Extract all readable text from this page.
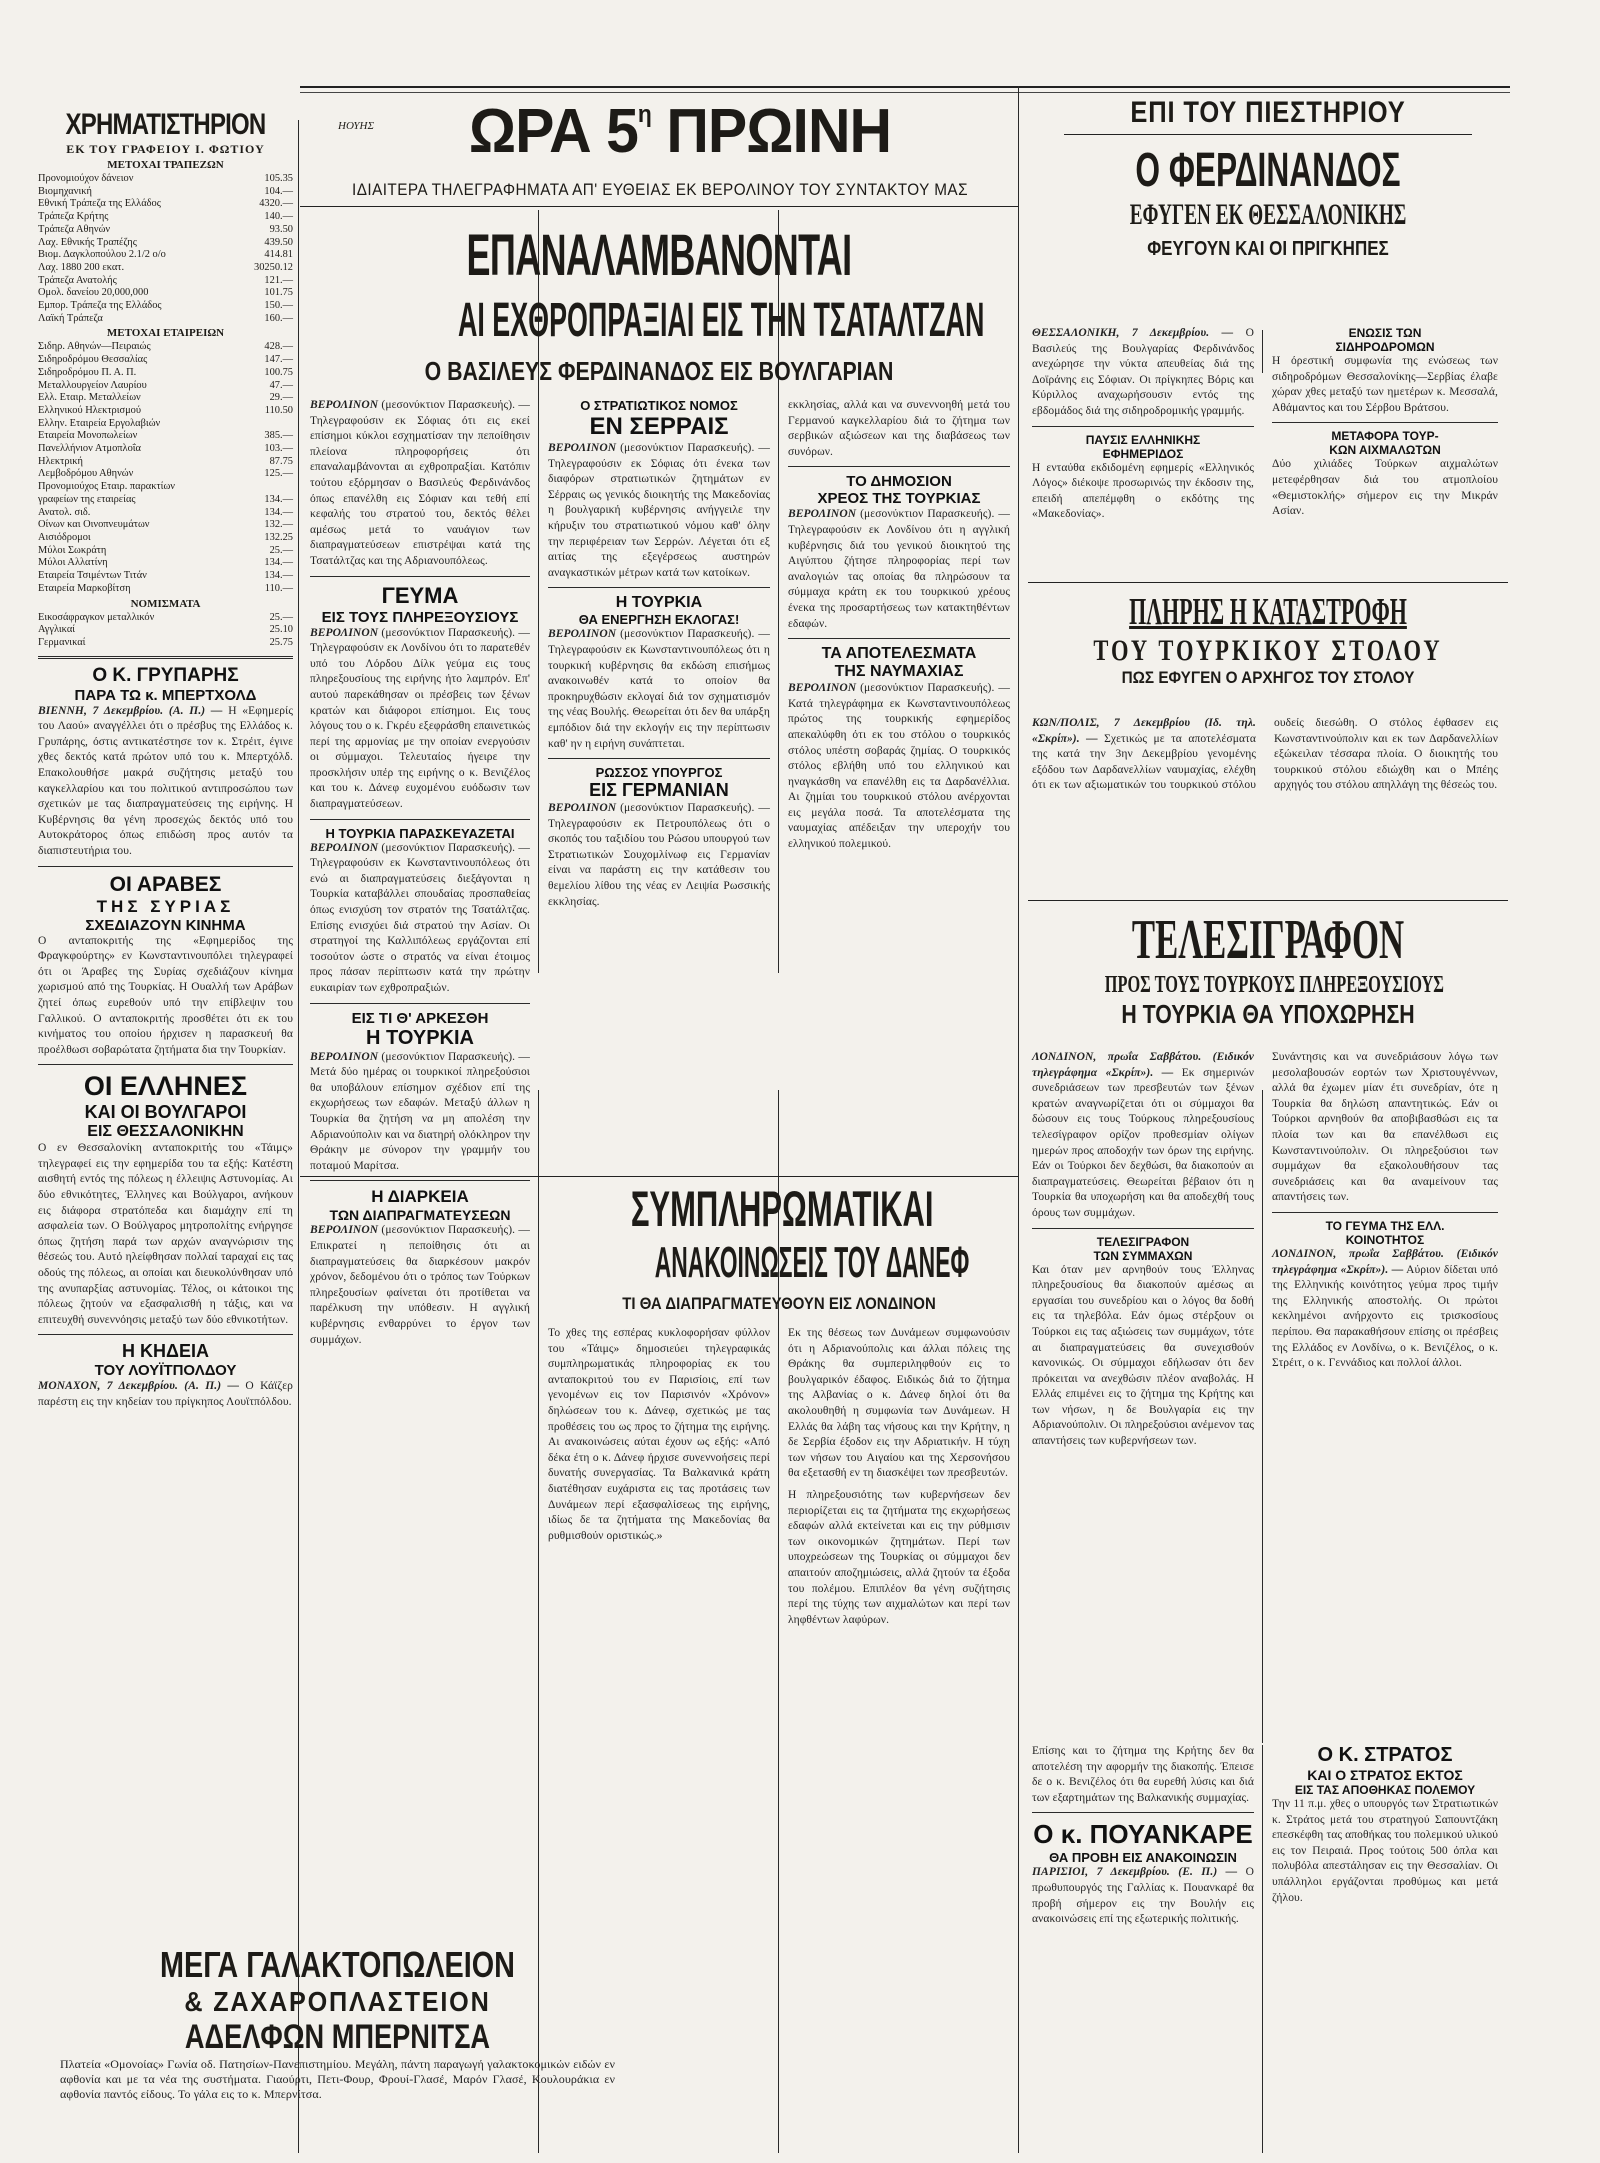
ΧΡΗΜΑΤΙΣΤΗΡΙΟΝ
ΕΚ ΤΟΥ ΓΡΑΦΕΙΟΥ Ι. ΦΩΤΙΟΥ
ΜΕΤΟΧΑΙ ΤΡΑΠΕΖΩΝ
Προνομιούχον δάνειον	105.35
Βιομηχανική	104.—
Εθνική Τράπεζα της Ελλάδος	4320.—
Τράπεζα Κρήτης	140.—
Τράπεζα Αθηνών	93.50
Λαχ. Εθνικής Τραπέζης	439.50
Βιομ. Δαγκλοπούλου 2.1/2 ο/ο	414.81
Λαχ. 1880 200 εκατ.	30250.12
Τράπεζα Ανατολής	121.—
Ομολ. δανείου 20,000,000	101.75
Εμπορ. Τράπεζα της Ελλάδος	150.—
Λαϊκή Τράπεζα	160.—
ΜΕΤΟΧΑΙ ΕΤΑΙΡΕΙΩΝ
Σιδηρ. Αθηνών—Πειραιώς	428.—
Σιδηροδρόμου Θεσσαλίας	147.—
Σιδηροδρόμου Π. Α. Π.	100.75
Μεταλλουργείον Λαυρίου	47.—
Ελλ. Εταιρ. Μεταλλείων	29.—
Ελληνικού Ηλεκτρισμού	110.50
Ελλην. Εταιρεία Εργολαβιών	
Εταιρεία Μονοπωλείων	385.—
Πανελλήνιον Ατμοπλοΐα	103.—
Ηλεκτρική	87.75
Λεμβοδρόμου Αθηνών	125.—
Προνομιούχος Εταιρ. παρακτίων	
γραφείων της εταιρείας	134.—
Ανατολ. σιδ.	134.—
Οίνων και Οινοπνευμάτων	132.—
Αισιόδρομοι	132.25
Μύλοι Σωκράτη	25.—
Μύλοι Αλλατίνη	134.—
Εταιρεία Τσιμέντων Τιτάν	134.—
Εταιρεία Μαρκοβίτση	110.—
ΝΟΜΙΣΜΑΤΑ
Εικοσάφραγκον μεταλλικόν	25.—
Αγγλικαί	25.10
Γερμανικαί	25.75
Ο Κ. ΓΡΥΠΑΡΗΣ
ΠΑΡΑ ΤΩ κ. ΜΠΕΡΤΧΟΛΔ

ΒΙΕΝΝΗ, 7 Δεκεμβρίου. (Α. Π.) — Η «Εφημερίς του Λαού» αναγγέλλει ότι ο πρέσβυς της Ελλάδος κ. Γρυπάρης, όστις αντικατέστησε τον κ. Στρέιτ, έγινε χθες δεκτός κατά πρώτον υπό του κ. Μπερτχόλδ. Επακολουθήσε μακρά συζήτησις μεταξύ του καγκελλαρίου και του πολιτικού αντιπροσώπου των σχετικών με τας διαπραγματεύσεις της ειρήνης. Η Κυβέρνησις θα γένη προσεχώς δεκτός υπό του Αυτοκράτορος όπως επιδώση προς αυτόν τα διαπιστευτήρια του.

ΟΙ ΑΡΑΒΕΣ
ΤΗΣ ΣΥΡΙΑΣ
ΣΧΕΔΙΑΖΟΥΝ ΚΙΝΗΜΑ

Ο ανταποκριτής της «Εφημερίδος της Φραγκφούρτης» εν Κωνσταντινουπόλει τηλεγραφεί ότι οι Άραβες της Συρίας σχεδιάζουν κίνημα χωρισμού από της Τουρκίας. Η Ουαλλή των Αράβων ζητεί όπως ευρεθούν υπό την επίβλεψιν του Γαλλικού. Ο ανταποκριτής προσθέτει ότι εκ του κινήματος του οποίου ήρχισεν η παρασκευή θα προέλθωσι σοβαρώτατα ζητήματα δια την Τουρκίαν.

ΟΙ ΕΛΛΗΝΕΣ
ΚΑΙ ΟΙ ΒΟΥΛΓΑΡΟΙ
ΕΙΣ ΘΕΣΣΑΛΟΝΙΚΗΝ

Ο εν Θεσσαλονίκη ανταποκριτής του «Τάιμς» τηλεγραφεί εις την εφημερίδα του τα εξής: Κατέστη αισθητή εντός της πόλεως η έλλειψις Αστυνομίας. Αι δύο εθνικότητες, Έλληνες και Βούλγαροι, ανήκουν εις διάφορα στρατόπεδα και διαμάχην επί τη ασφαλεία των. Ο Βούλγαρος μητροπολίτης ενήργησε όπως ζητήση παρά των αρχών αναγνώρισιν της θέσεώς του. Αυτό ηλείφθησαν πολλαί ταραχαί εις τας οδούς της πόλεως, αι οποίαι και διευκολύνθησαν υπό της ανυπαρξίας αστυνομίας. Τέλος, οι κάτοικοι της πόλεως ζητούν να εξασφαλισθή η τάξις, και να επιτευχθή συνεννόησις μεταξύ των δύο εθνικοτήτων.

Η ΚΗΔΕΙΑ
ΤΟΥ ΛΟΥΪΤΠΟΛΔΟΥ

ΜΟΝΑΧΟΝ, 7 Δεκεμβρίου. (Α. Π.) — Ο Κάϊζερ παρέστη εις την κηδείαν του πρίγκηπος Λουϊτπόλδου.

ΜΕΓΑ ΓΑΛΑΚΤΟΠΩΛΕΙΟΝ
& ΖΑΧΑΡΟΠΛΑΣΤΕΙΟΝ
ΑΔΕΛΦΩΝ ΜΠΕΡΝΙΤΣΑ

Πλατεία «Ομονοίας» Γωνία οδ. Πατησίων-Πανεπιστημίου. Μεγάλη, πάντη παραγωγή γαλακτοκομικών ειδών εν αφθονία και με τα νέα της συστήματα. Γιαούρτι, Πετι-Φουρ, Φρουί-Γλασέ, Μαρόν Γλασέ, Κουλουράκια εν αφθονία παντός είδους. Το γάλα εις το κ. Μπερνίτσα.

ΗΟΥΗΣ	ΩΡΑ $5^\eta$ ΠΡΩΙΝΗ
ΙΔΙΑΙΤΕΡΑ ΤΗΛΕΓΡΑΦΗΜΑΤΑ ΑΠ' ΕΥΘΕΙΑΣ ΕΚ ΒΕΡΟΛΙΝΟΥ ΤΟΥ ΣΥΝΤΑΚΤΟΥ ΜΑΣ
ΕΠΑΝΑΛΑΜΒΑΝΟΝΤΑΙ
ΑΙ ΕΧΘΡΟΠΡΑΞΙΑΙ ΕΙΣ ΤΗΝ ΤΣΑΤΑΛΤΖΑΝ
Ο ΒΑΣΙΛΕΥΣ ΦΕΡΔΙΝΑΝΔΟΣ ΕΙΣ ΒΟΥΛΓΑΡΙΑΝ

ΒΕΡΟΛΙΝΟΝ (μεσονύκτιον Παρασκευής). — Τηλεγραφούσιν εκ Σόφιας ότι εις εκεί επίσημοι κύκλοι εσχηματίσαν την πεποίθησιν πλείονα πληροφορήσεις ότι επαναλαμβάνονται αι εχθροπραξίαι. Κατόπιν τούτου εξόρμησαν ο Βασιλεύς Φερδινάνδος όπως επανέλθη εις Σόφιαν και τεθή επί κεφαλής του στρατού του, δεκτός θέλει αμέσως μετά το ναυάγιον των διαπραγματεύσεων επιστρέψαι κατά της Τσατάλτζας και της Αδριανουπόλεως.

ΓΕΥΜΑ
ΕΙΣ ΤΟΥΣ ΠΛΗΡΕΞΟΥΣΙΟΥΣ

ΒΕΡΟΛΙΝΟΝ (μεσονύκτιον Παρασκευής). — Τηλεγραφούσιν εκ Λονδίνου ότι το παρατεθέν υπό του Λόρδου Δίλκ γεύμα εις τους πληρεξουσίους της ειρήνης ήτο λαμπρόν. Επ' αυτού παρεκάθησαν οι πρέσβεις των ξένων κρατών και διάφοροι επίσημοι. Εις τους λόγους του ο κ. Γκρέυ εξεφράσθη επαινετικώς περί της αρμονίας με την οποίαν ενεργούσιν οι σύμμαχοι. Τελευταίος ήγειρε την προσκλήσιν υπέρ της ειρήνης ο κ. Βενιζέλος και του κ. Δάνεφ ευχομένου ευόδωσιν των διαπραγματεύσεων.

Η ΤΟΥΡΚΙΑ ΠΑΡΑΣΚΕΥΑΖΕΤΑΙ

ΒΕΡΟΛΙΝΟΝ (μεσονύκτιον Παρασκευής). — Τηλεγραφούσιν εκ Κωνσταντινουπόλεως ότι ενώ αι διαπραγματεύσεις διεξάγονται η Τουρκία καταβάλλει σπουδαίας προσπαθείας όπως ενισχύση τον στρατόν της Τσατάλτζας. Επίσης ενισχύει διά στρατού την Ασίαν. Οι στρατηγοί της Καλλιπόλεως εργάζονται επί τοσούτον ώστε ο στρατός να είναι έτοιμος προς πάσαν περίπτωσιν κατά την πρώτην ευκαιρίαν των εχθροπραξιών.

ΕΙΣ ΤΙ Θ' ΑΡΚΕΣΘΗ
Η ΤΟΥΡΚΙΑ

ΒΕΡΟΛΙΝΟΝ (μεσονύκτιον Παρασκευής). — Μετά δύο ημέρας οι τουρκικοί πληρεξούσιοι θα υποβάλουν επίσημον σχέδιον επί της εκχωρήσεως των εδαφών. Μεταξύ άλλων η Τουρκία θα ζητήση να μη απολέση την Αδριανούπολιν και να διατηρή ολόκληρον την Θράκην με σύνορον την γραμμήν του ποταμού Μαρίτσα.

Η ΔΙΑΡΚΕΙΑ
ΤΩΝ ΔΙΑΠΡΑΓΜΑΤΕΥΣΕΩΝ

ΒΕΡΟΛΙΝΟΝ (μεσονύκτιον Παρασκευής). — Επικρατεί η πεποίθησις ότι αι διαπραγματεύσεις θα διαρκέσουν μακρόν χρόνον, δεδομένου ότι ο τρόπος των Τούρκων πληρεξουσίων φαίνεται ότι προτίθεται να παρέλκυση την υπόθεσιν. Η αγγλική κυβέρνησις ενθαρρύνει το έργον των συμμάχων.

Ο ΣΤΡΑΤΙΩΤΙΚΟΣ ΝΟΜΟΣ
ΕΝ ΣΕΡΡΑΙΣ

ΒΕΡΟΛΙΝΟΝ (μεσονύκτιον Παρασκευής). — Τηλεγραφούσιν εκ Σόφιας ότι ένεκα των διαφόρων στρατιωτικών ζητημάτων εν Σέρραις ως γενικός διοικητής της Μακεδονίας η βουλγαρική κυβέρνησις ανήγγειλε την κήρυξιν του στρατιωτικού νόμου καθ' όλην την περιφέρειαν των Σερρών. Λέγεται ότι εξ αιτίας της εξεγέρσεως αυστηρών αναγκαστικών μέτρων κατά των κατοίκων.

Η ΤΟΥΡΚΙΑ
ΘΑ ΕΝΕΡΓΗΣΗ ΕΚΛΟΓΑΣ!

ΒΕΡΟΛΙΝΟΝ (μεσονύκτιον Παρασκευής). — Τηλεγραφούσιν εκ Κωνσταντινουπόλεως ότι η τουρκική κυβέρνησις θα εκδώση επισήμως ανακοινωθέν κατά το οποίον θα προκηρυχθώσιν εκλογαί διά τον σχηματισμόν της νέας Βουλής. Θεωρείται ότι δεν θα υπάρξη εμπόδιον διά την εκλογήν εις την περίπτωσιν καθ' ην η ειρήνη συνάπτεται.

ΡΩΣΣΟΣ ΥΠΟΥΡΓΟΣ
ΕΙΣ ΓΕΡΜΑΝΙΑΝ

ΒΕΡΟΛΙΝΟΝ (μεσονύκτιον Παρασκευής). — Τηλεγραφούσιν εκ Πετρουπόλεως ότι ο σκοπός του ταξιδίου του Ρώσου υπουργού των Στρατιωτικών Σουχομλίνωφ εις Γερμανίαν είναι να παράστη εις την κατάθεσιν του θεμελίου λίθου της νέας εν Λειψία Ρωσσικής εκκλησίας.

εκκλησίας, αλλά και να συνεννοηθή μετά του Γερμανού καγκελλαρίου διά το ζήτημα των σερβικών αξιώσεων και της διαβάσεως των συνόρων.

ΤΟ ΔΗΜΟΣΙΟΝ
ΧΡΕΟΣ ΤΗΣ ΤΟΥΡΚΙΑΣ

ΒΕΡΟΛΙΝΟΝ (μεσονύκτιον Παρασκευής). — Τηλεγραφούσιν εκ Λονδίνου ότι η αγγλική κυβέρνησις διά του γενικού διοικητού της Αιγύπτου ζήτησε πληροφορίας περί των αναλογιών τας οποίας θα πληρώσουν τα σύμμαχα κράτη εκ του τουρκικού χρέους ένεκα της προσαρτήσεως των κατακτηθέντων εδαφών.

ΤΑ ΑΠΟΤΕΛΕΣΜΑΤΑ
ΤΗΣ ΝΑΥΜΑΧΙΑΣ

ΒΕΡΟΛΙΝΟΝ (μεσονύκτιον Παρασκευής). — Κατά τηλεγράφημα εκ Κωνσταντινουπόλεως πρώτος της τουρκικής εφημερίδος απεκαλύφθη ότι εκ του στόλου ο τουρκικός στόλος υπέστη σοβαράς ζημίας. Ο τουρκικός στόλος εβλήθη υπό του ελληνικού και ηναγκάσθη να επανέλθη εις τα Δαρδανέλλια. Αι ζημίαι του τουρκικού στόλου ανέρχονται εις μεγάλα ποσά. Τα αποτελέσματα της ναυμαχίας απέδειξαν την υπεροχήν του ελληνικού πολεμικού.

ΣΥΜΠΛΗΡΩΜΑΤΙΚΑΙ
ΑΝΑΚΟΙΝΩΣΕΙΣ ΤΟΥ ΔΑΝΕΦ
ΤΙ ΘΑ ΔΙΑΠΡΑΓΜΑΤΕΥΘΟΥΝ ΕΙΣ ΛΟΝΔΙΝΟΝ

Το χθες της εσπέρας κυκλοφορήσαν φύλλον του «Τάιμς» δημοσιεύει τηλεγραφικάς συμπληρωματικάς πληροφορίας εκ του ανταποκριτού του εν Παρισίοις, επί των γενομένων εις τον Παρισινόν «Χρόνον» δηλώσεων του κ. Δάνεφ, σχετικώς με τας προθέσεις του ως προς το ζήτημα της ειρήνης. Αι ανακοινώσεις αύται έχουν ως εξής: «Από δέκα έτη ο κ. Δάνεφ ήρχισε συνεννοήσεις περί δυνατής συνεργασίας. Τα Βαλκανικά κράτη διατέθησαν ευχάριστα εις τας προτάσεις των Δυνάμεων περί εξασφαλίσεως της ειρήνης, ιδίως δε τα ζητήματα της Μακεδονίας θα ρυθμισθούν οριστικώς.»

Εκ της θέσεως των Δυνάμεων συμφωνούσιν ότι η Αδριανούπολις και άλλαι πόλεις της Θράκης θα συμπεριληφθούν εις το βουλγαρικόν έδαφος. Ειδικώς διά το ζήτημα της Αλβανίας ο κ. Δάνεφ δηλοί ότι θα ακολουθηθή η συμφωνία των Δυνάμεων. Η Ελλάς θα λάβη τας νήσους και την Κρήτην, η δε Σερβία έξοδον εις την Αδριατικήν. Η τύχη των νήσων του Αιγαίου και της Χερσονήσου θα εξετασθή εν τη διασκέψει των πρεσβευτών.

Η πληρεξουσιότης των κυβερνήσεων δεν περιορίζεται εις τα ζητήματα της εκχωρήσεως εδαφών αλλά εκτείνεται και εις την ρύθμισιν των οικονομικών ζητημάτων. Περί των υποχρεώσεων της Τουρκίας οι σύμμαχοι δεν απαιτούν αποζημιώσεις, αλλά ζητούν τα έξοδα του πολέμου. Επιπλέον θα γένη συζήτησις περί της τύχης των αιχμαλώτων και περί των ληφθέντων λαφύρων.

ΕΠΙ ΤΟΥ ΠΙΕΣΤΗΡΙΟΥ
Ο ΦΕΡΔΙΝΑΝΔΟΣ
ΕΦΥΓΕΝ ΕΚ ΘΕΣΣΑΛΟΝΙΚΗΣ
ΦΕΥΓΟΥΝ ΚΑΙ ΟΙ ΠΡΙΓΚΗΠΕΣ

ΘΕΣΣΑΛΟΝΙΚΗ, 7 Δεκεμβρίου. — Ο Βασιλεύς της Βουλγαρίας Φερδινάνδος ανεχώρησε την νύκτα απευθείας διά της Δοϊράνης εις Σόφιαν. Οι πρίγκηπες Βόρις και Κύριλλος αναχωρήσουσιν εντός της εβδομάδος διά της σιδηροδρομικής γραμμής.

ΠΑΥΣΙΣ ΕΛΛΗΝΙΚΗΣ
ΕΦΗΜΕΡΙΔΟΣ

Η ενταύθα εκδιδομένη εφημερίς «Ελληνικός Λόγος» διέκοψε προσωρινώς την έκδοσιν της, επειδή απεπέμφθη ο εκδότης της «Μακεδονίας».

ΕΝΩΣΙΣ ΤΩΝ
ΣΙΔΗΡΟΔΡΟΜΩΝ

Η όρεστική συμφωνία της ενώσεως των σιδηροδρόμων Θεσσαλονίκης—Σερβίας έλαβε χώραν χθες μεταξύ των ημετέρων κ. Μεσσαλά, Αθάμαντος και του Σέρβου Βράτσου.

ΜΕΤΑΦΟΡΑ ΤΟΥΡ-
ΚΩΝ ΑΙΧΜΑΛΩΤΩΝ

Δύο χιλιάδες Τούρκων αιχμαλώτων μετεφέρθησαν διά του ατμοπλοίου «Θεμιστοκλής» σήμερον εις την Μικράν Ασίαν.

ΠΛΗΡΗΣ Η ΚΑΤΑΣΤΡΟΦΗ
ΤΟΥ ΤΟΥΡΚΙΚΟΥ ΣΤΟΛΟΥ
ΠΩΣ ΕΦΥΓΕΝ Ο ΑΡΧΗΓΟΣ ΤΟΥ ΣΤΟΛΟΥ

ΚΩΝ/ΠΟΛΙΣ, 7 Δεκεμβρίου (Ιδ. τηλ. «Σκρίπ»). — Σχετικώς με τα αποτελέσματα της κατά την 3ην Δεκεμβρίου γενομένης εξόδου των Δαρδανελλίων ναυμαχίας, ελέχθη ότι εκ των αξιωματικών του τουρκικού στόλου ουδείς διεσώθη. Ο στόλος έφθασεν εις Κωνσταντινούπολιν και εκ των Δαρδανελλίων εξώκειλαν τέσσαρα πλοία. Ο διοικητής του τουρκικού στόλου εδιώχθη και ο Μπέης αρχηγός του στόλου απηλλάγη της θέσεώς του.

ΤΕΛΕΣΙΓΡΑΦΟΝ
ΠΡΟΣ ΤΟΥΣ ΤΟΥΡΚΟΥΣ ΠΛΗΡΕΞΟΥΣΙΟΥΣ
Η ΤΟΥΡΚΙΑ ΘΑ ΥΠΟΧΩΡΗΣΗ

ΛΟΝΔΙΝΟΝ, πρωΐα Σαββάτου. (Ειδικόν τηλεγράφημα «Σκρίπ»). — Εκ σημερινών συνεδριάσεων των πρεσβευτών των ξένων κρατών αναγνωρίζεται ότι οι σύμμαχοι θα δώσουν εις τους Τούρκους πληρεξουσίους τελεσίγραφον ορίζον προθεσμίαν ολίγων ημερών προς αποδοχήν των όρων της ειρήνης. Εάν οι Τούρκοι δεν δεχθώσι, θα διακοπούν αι διαπραγματεύσεις. Θεωρείται βέβαιον ότι η Τουρκία θα υποχωρήση και θα αποδεχθή τους όρους των συμμάχων.

ΤΕΛΕΣΙΓΡΑΦΟΝ
ΤΩΝ ΣΥΜΜΑΧΩΝ

Και όταν μεν αρνηθούν τους Έλληνας πληρεξουσίους θα διακοπούν αμέσως αι εργασίαι του συνεδρίου και ο λόγος θα δοθή εις τα τηλεβόλα. Εάν όμως στέρξουν οι Τούρκοι εις τας αξιώσεις των συμμάχων, τότε αι διαπραγματεύσεις θα συνεχισθούν κανονικώς. Οι σύμμαχοι εδήλωσαν ότι δεν πρόκειται να ανεχθώσιν πλέον αναβολάς. Η Ελλάς επιμένει εις το ζήτημα της Κρήτης και των νήσων, η δε Βουλγαρία εις την Αδριανούπολιν. Οι πληρεξούσιοι ανέμενον τας απαντήσεις των κυβερνήσεων των.

Συνάντησις και να συνεδριάσουν λόγω των μεσολαβουσών εορτών των Χριστουγέννων, αλλά θα έχωμεν μίαν έτι συνεδρίαν, ότε η Τουρκία θα δηλώση απαντητικώς. Εάν οι Τούρκοι αρνηθούν θα αποβιβασθώσι εις τα πλοία των και θα επανέλθωσι εις Κωνσταντινούπολιν. Οι πληρεξούσιοι των συμμάχων θα εξακολουθήσουν τας συνεδριάσεις και θα αναμείνουν τας απαντήσεις των.

ΤΟ ΓΕΥΜΑ ΤΗΣ ΕΛΛ.
ΚΟΙΝΟΤΗΤΟΣ

ΛΟΝΔΙΝΟΝ, πρωΐα Σαββάτου. (Ειδικόν τηλεγράφημα «Σκρίπ»). — Αύριον δίδεται υπό της Ελληνικής κοινότητος γεύμα προς τιμήν της Ελληνικής αποστολής. Οι πρώτοι κεκλημένοι ανήρχοντο εις τρισκοσίους περίπου. Θα παρακαθήσουν επίσης οι πρέσβεις της Ελλάδος εν Λονδίνω, ο κ. Βενιζέλος, ο κ. Στρέιτ, ο κ. Γεννάδιος και πολλοί άλλοι.

Επίσης και το ζήτημα της Κρήτης δεν θα αποτελέση την αφορμήν της διακοπής. Έπεισε δε ο κ. Βενιζέλος ότι θα ευρεθή λύσις και διά των εξαρτημάτων της Βαλκανικής συμμαχίας.

Ο κ. ΠΟΥΑΝΚΑΡΕ
ΘΑ ΠΡΟΒΗ ΕΙΣ ΑΝΑΚΟΙΝΩΣΙΝ

ΠΑΡΙΣΙΟΙ, 7 Δεκεμβρίου. (Ε. Π.) — Ο πρωθυπουργός της Γαλλίας κ. Πουανκαρέ θα προβή σήμερον εις την Βουλήν εις ανακοινώσεις επί της εξωτερικής πολιτικής.

Ο Κ. ΣΤΡΑΤΟΣ
ΚΑΙ Ο ΣΤΡΑΤΟΣ ΕΚΤΟΣ
ΕΙΣ ΤΑΣ ΑΠΟΘΗΚΑΣ ΠΟΛΕΜΟΥ

Την 11 π.μ. χθες ο υπουργός των Στρατιωτικών κ. Στράτος μετά του στρατηγού Σαπουντζάκη επεσκέφθη τας αποθήκας του πολεμικού υλικού εις τον Πειραιά. Προς τούτοις 500 όπλα και πολυβόλα απεστάλησαν εις την Θεσσαλίαν. Οι υπάλληλοι εργάζονται προθύμως και μετά ζήλου.
